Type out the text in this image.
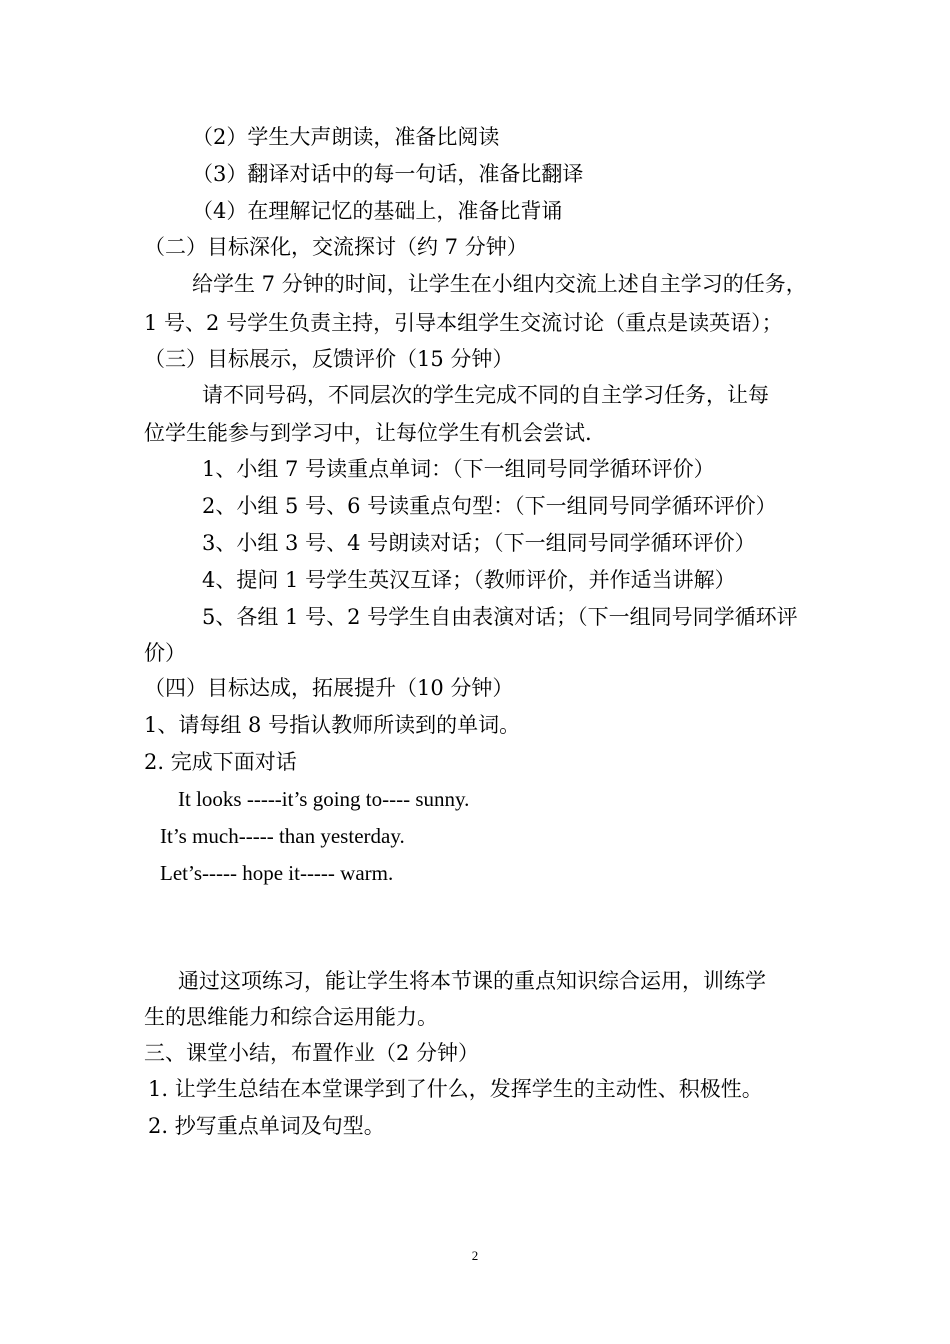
（2）学生大声朗读，准备比阅读
（3）翻译对话中的每一句话，准备比翻译
（4）在理解记忆的基础上，准备比背诵
（二）目标深化，交流探讨（约 7 分钟）
给学生 7 分钟的时间，让学生在小组内交流上述自主学习的任务，
1 号、2 号学生负责主持，引导本组学生交流讨论（重点是读英语）；
（三）目标展示，反馈评价（15 分钟）
请不同号码，不同层次的学生完成不同的自主学习任务，让每
位学生能参与到学习中，让每位学生有机会尝试.
1、小组 7 号读重点单词：（下一组同号同学循环评价）
2、小组 5 号、6 号读重点句型：（下一组同号同学循环评价）
3、小组 3 号、4 号朗读对话；（下一组同号同学循环评价）
4、提问 1 号学生英汉互译；（教师评价，并作适当讲解）
5、各组 1 号、2 号学生自由表演对话；（下一组同号同学循环评
价）
（四）目标达成，拓展提升（10 分钟）
1、请每组 8 号指认教师所读到的单词。
2. 完成下面对话
It looks -----it’s going to---- sunny.
It’s much----- than yesterday.
Let’s----- hope it----- warm.
通过这项练习，能让学生将本节课的重点知识综合运用，训练学
生的思维能力和综合运用能力。
三、课堂小结，布置作业（2 分钟）
1. 让学生总结在本堂课学到了什么，发挥学生的主动性、积极性。
2. 抄写重点单词及句型。
2
